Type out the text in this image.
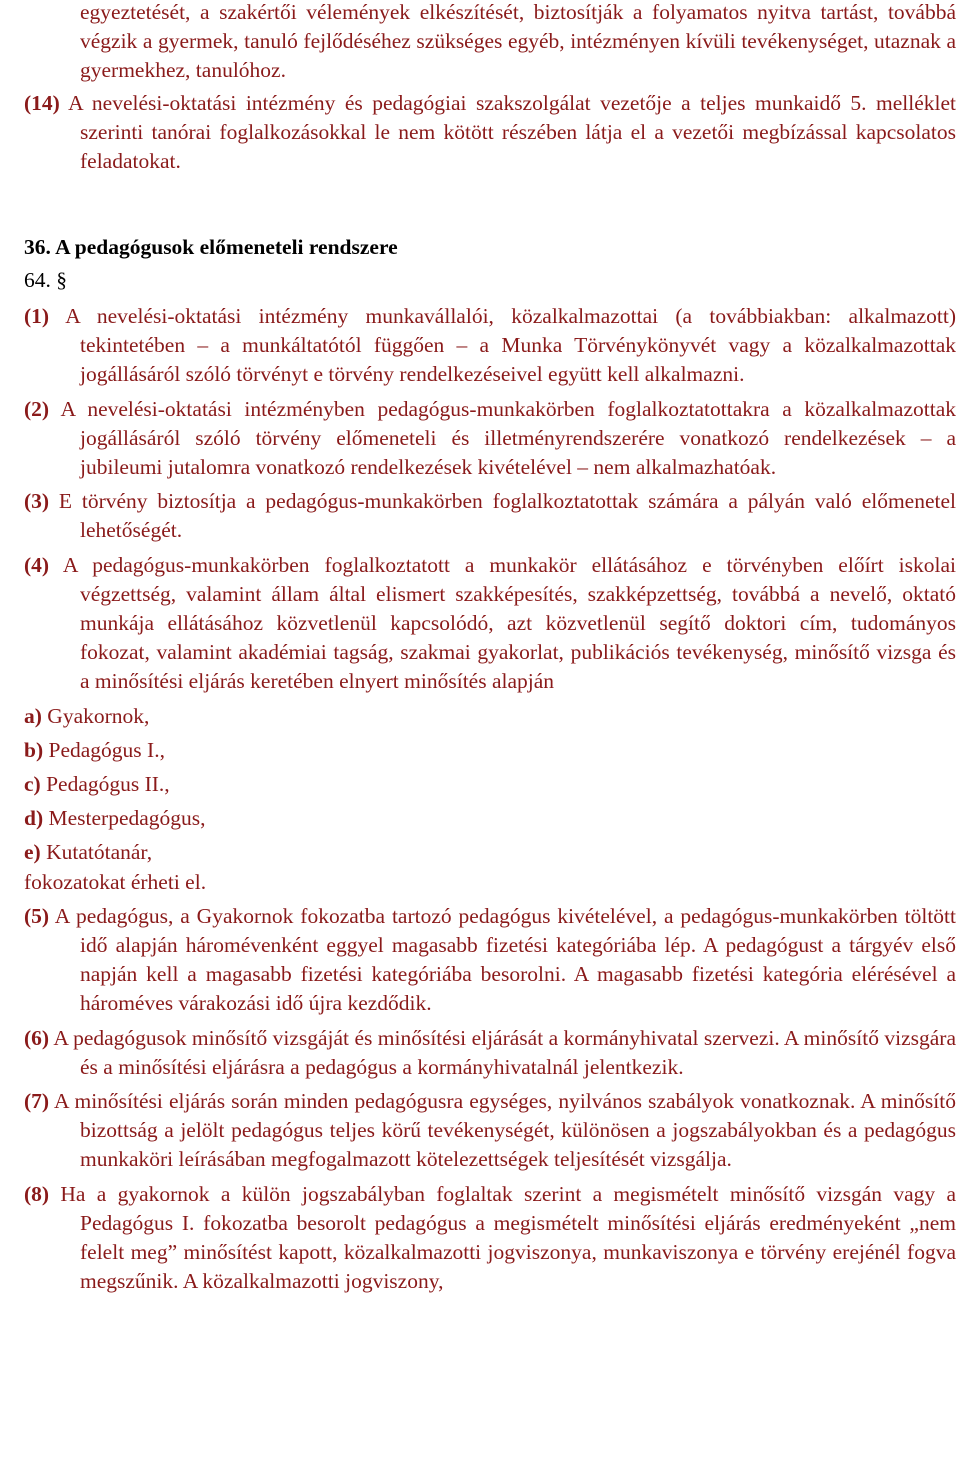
egyeztetését, a szakértői vélemények elkészítését, biztosítják a folyamatos nyitva tartást, továbbá végzik a gyermek, tanuló fejlődéséhez szükséges egyéb, intézményen kívüli tevékenységet, utaznak a gyermekhez, tanulóhoz.

(14) A nevelési-oktatási intézmény és pedagógiai szakszolgálat vezetője a teljes munkaidő 5. melléklet szerinti tanórai foglalkozásokkal le nem kötött részében látja el a vezetői megbízással kapcsolatos feladatokat.

36. A pedagógusok előmeneteli rendszere

64. §

(1) A nevelési-oktatási intézmény munkavállalói, közalkalmazottai (a továbbiakban: alkalmazott) tekintetében – a munkáltatótól függően – a Munka Törvénykönyvét vagy a közalkalmazottak jogállásáról szóló törvényt e törvény rendelkezéseivel együtt kell alkalmazni.

(2) A nevelési-oktatási intézményben pedagógus-munkakörben foglalkoztatottakra a közalkalmazottak jogállásáról szóló törvény előmeneteli és illetményrendszerére vonatkozó rendelkezések – a jubileumi jutalomra vonatkozó rendelkezések kivételével – nem alkalmazhatóak.

(3) E törvény biztosítja a pedagógus-munkakörben foglalkoztatottak számára a pályán való előmenetel lehetőségét.

(4) A pedagógus-munkakörben foglalkoztatott a munkakör ellátásához e törvényben előírt iskolai végzettség, valamint állam által elismert szakképesítés, szakképzettség, továbbá a nevelő, oktató munkája ellátásához közvetlenül kapcsolódó, azt közvetlenül segítő doktori cím, tudományos fokozat, valamint akadémiai tagság, szakmai gyakorlat, publikációs tevékenység, minősítő vizsga és a minősítési eljárás keretében elnyert minősítés alapján

a) Gyakornok,

b) Pedagógus I.,

c) Pedagógus II.,

d) Mesterpedagógus,

e) Kutatótanár,

fokozatokat érheti el.

(5) A pedagógus, a Gyakornok fokozatba tartozó pedagógus kivételével, a pedagógus-munkakörben töltött idő alapján háromévenként eggyel magasabb fizetési kategóriába lép. A pedagógust a tárgyév első napján kell a magasabb fizetési kategóriába besorolni. A magasabb fizetési kategória elérésével a hároméves várakozási idő újra kezdődik.

(6) A pedagógusok minősítő vizsgáját és minősítési eljárását a kormányhivatal szervezi. A minősítő vizsgára és a minősítési eljárásra a pedagógus a kormányhivatalnál jelentkezik.

(7) A minősítési eljárás során minden pedagógusra egységes, nyilvános szabályok vonatkoznak. A minősítő bizottság a jelölt pedagógus teljes körű tevékenységét, különösen a jogszabályokban és a pedagógus munkaköri leírásában megfogalmazott kötelezettségek teljesítését vizsgálja.

(8) Ha a gyakornok a külön jogszabályban foglaltak szerint a megismételt minősítő vizsgán vagy a Pedagógus I. fokozatba besorolt pedagógus a megismételt minősítési eljárás eredményeként „nem felelt meg” minősítést kapott, közalkalmazotti jogviszonya, munkaviszonya e törvény erejénél fogva megszűnik. A közalkalmazotti jogviszony,
